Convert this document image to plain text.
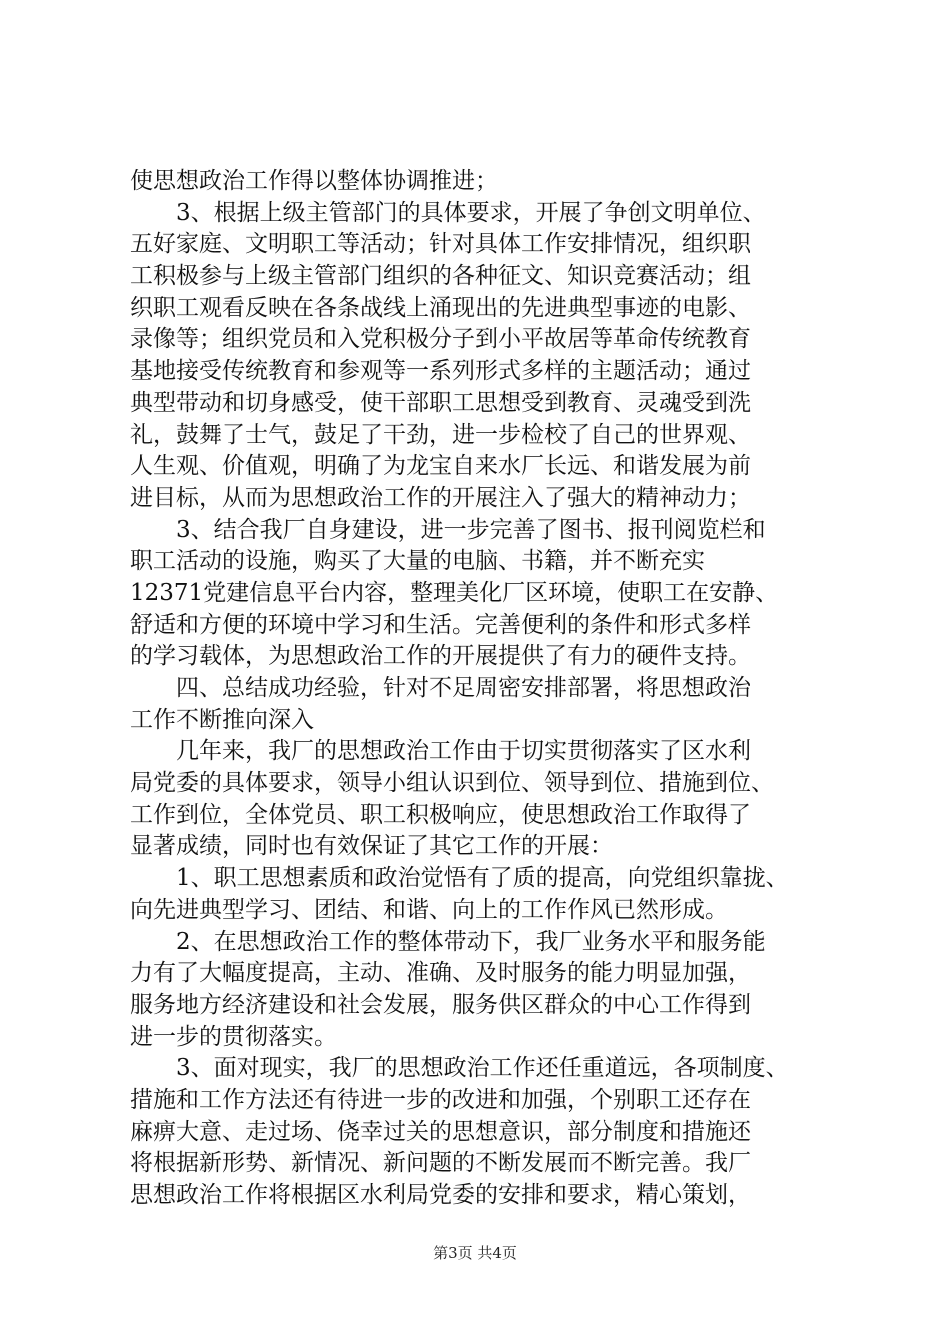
使思想政治工作得以整体协调推进；
　　3、根据上级主管部门的具体要求，开展了争创文明单位、
五好家庭、文明职工等活动；针对具体工作安排情况，组织职
工积极参与上级主管部门组织的各种征文、知识竞赛活动；组
织职工观看反映在各条战线上涌现出的先进典型事迹的电影、
录像等；组织党员和入党积极分子到小平故居等革命传统教育
基地接受传统教育和参观等一系列形式多样的主题活动；通过
典型带动和切身感受，使干部职工思想受到教育、灵魂受到洗
礼，鼓舞了士气，鼓足了干劲，进一步检校了自己的世界观、
人生观、价值观，明确了为龙宝自来水厂长远、和谐发展为前
进目标，从而为思想政治工作的开展注入了强大的精神动力；
　　3、结合我厂自身建设，进一步完善了图书、报刊阅览栏和
职工活动的设施，购买了大量的电脑、书籍，并不断充实
12371党建信息平台内容，整理美化厂区环境，使职工在安静、
舒适和方便的环境中学习和生活。完善便利的条件和形式多样
的学习载体，为思想政治工作的开展提供了有力的硬件支持。
　　四、总结成功经验，针对不足周密安排部署，将思想政治
工作不断推向深入
　　几年来，我厂的思想政治工作由于切实贯彻落实了区水利
局党委的具体要求，领导小组认识到位、领导到位、措施到位、
工作到位，全体党员、职工积极响应，使思想政治工作取得了
显著成绩，同时也有效保证了其它工作的开展：
　　1、职工思想素质和政治觉悟有了质的提高，向党组织靠拢、
向先进典型学习、团结、和谐、向上的工作作风已然形成。
　　2、在思想政治工作的整体带动下，我厂业务水平和服务能
力有了大幅度提高，主动、准确、及时服务的能力明显加强，
服务地方经济建设和社会发展，服务供区群众的中心工作得到
进一步的贯彻落实。
　　3、面对现实，我厂的思想政治工作还任重道远，各项制度、
措施和工作方法还有待进一步的改进和加强，个别职工还存在
麻痹大意、走过场、侥幸过关的思想意识，部分制度和措施还
将根据新形势、新情况、新问题的不断发展而不断完善。我厂
思想政治工作将根据区水利局党委的安排和要求，精心策划，
第3页 共4页
